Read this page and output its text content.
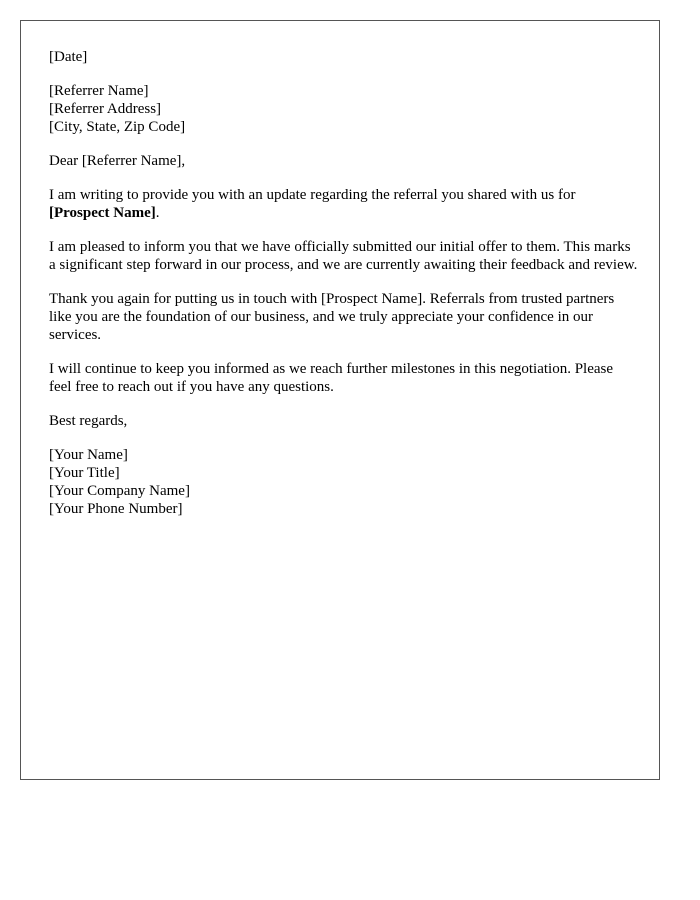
[Date]

[Referrer Name]
[Referrer Address]
[City, State, Zip Code]

Dear [Referrer Name],

I am writing to provide you with an update regarding the referral you shared with us for [Prospect Name].

I am pleased to inform you that we have officially submitted our initial offer to them. This marks a significant step forward in our process, and we are currently awaiting their feedback and review.

Thank you again for putting us in touch with [Prospect Name]. Referrals from trusted partners like you are the foundation of our business, and we truly appreciate your confidence in our services.

I will continue to keep you informed as we reach further milestones in this negotiation. Please feel free to reach out if you have any questions.

Best regards,

[Your Name]
[Your Title]
[Your Company Name]
[Your Phone Number]
